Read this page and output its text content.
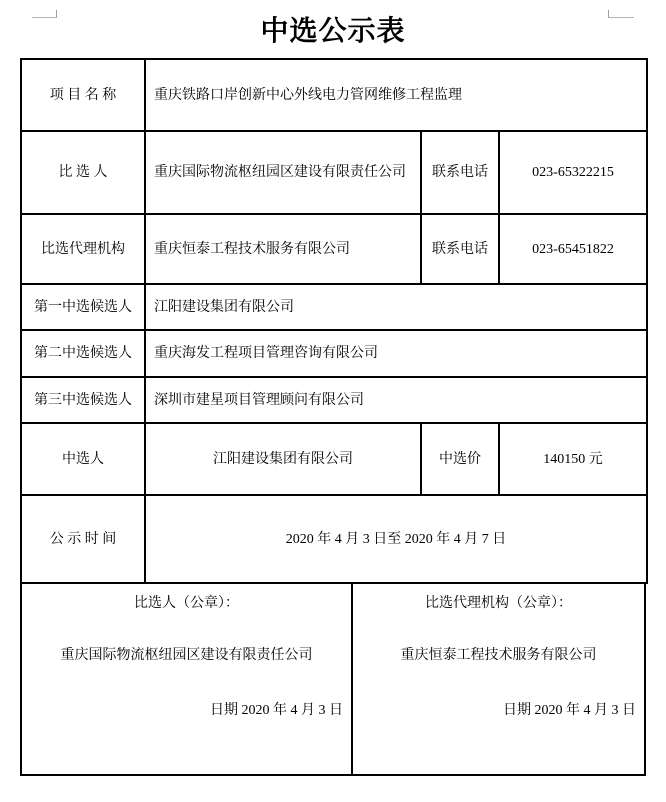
中选公示表
项 目 名 称	重庆铁路口岸创新中心外线电力管网维修工程监理		
比 选 人	重庆国际物流枢纽园区建设有限责任公司	联系电话	023-65322215
比选代理机构	重庆恒泰工程技术服务有限公司	联系电话	023-65451822
第一中选候选人	江阳建设集团有限公司		
第二中选候选人	重庆海发工程项目管理咨询有限公司		
第三中选候选人	深圳市建星项目管理顾问有限公司		
中选人	江阳建设集团有限公司	中选价	140150 元
公 示 时 间	2020 年 4 月 3 日至 2020 年 4 月 7 日		
比选人（公章）：
重庆国际物流枢纽园区建设有限责任公司
日期 2020 年 4 月 3 日
比选代理机构（公章）：
重庆恒泰工程技术服务有限公司
日期 2020 年 4 月 3 日
